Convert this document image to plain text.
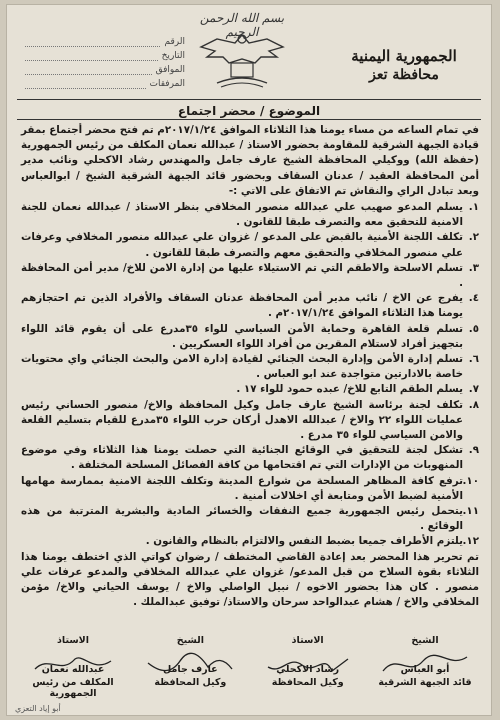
الجمهورية اليمنية
محافظة تعز
بسم الله الرحمن الرحيم
الرقم
التاريخ
الموافق
المرفقات
الموضوع / محضر اجتماع

في تمام الساعه من مساء يومنا هذا الثلاثاء الموافق ٢٠١٧/١/٢٤م تم فتح محضر أجتماع بمقر قيادة الجبهة الشرقية للمقاومة بحضور الاستاذ / عبدالله نعمان المكلف من رئيس الجمهورية (حفظة الله) ووكيلي المحافظة الشيخ عارف جامل والمهندس رشاد الاكحلي ونائب مدير أمن المحافظة العقيد / عدنان السقاف وبحضور قائد الجبهة الشرقية الشيخ / ابوالعباس وبعد تبادل الراي والنقاش تم الاتفاق على الاتي :-

١.
يسلم المدعو صهيب علي عبدالله منصور المخلافي بنظر الاستاذ / عبدالله نعمان للجنة الامنية للتحقيق معه والتصرف طبقا للقانون .
٢.
تكلف اللجنة الأمنية بالقبض على المدعو / غزوان علي عبدالله منصور المخلافي وعرفات علي منصور المخلافي والتحقيق معهم والتصرف طبقا للقانون .
٣.
تسلم الاسلحة والاطقم التي تم الاستيلاء عليها من إدارة الامن للاخ/ مدير أمن المحافظة .
٤.
يفرج عن الاخ / نائب مدير أمن المحافظة عدنان السقاف والأفراد الذين تم احتجازهم يومنا هذا الثلاثاء الموافق ٢٠١٧/١/٢٤م .
٥.
تسلم قلعة القاهرة وحماية الأمن السياسي للواء ٣٥مدرع على أن يقوم قائد اللواء بتجهيز أفراد لاستلام المقرين من أفراد اللواء العسكريين .
٦.
تسلم إدارة الأمن وإدارة البحث الجنائي لقيادة إدارة الامن والبحث الجنائي واي محتويات خاصة بالادارتين متواجدة عند ابو العباس .
٧.
يسلم الطقم التابع للاخ/ عبده حمود للواء ١٧ .
٨.
تكلف لجنة برئاسة الشيخ عارف جامل وكيل المحافظة والاخ/ منصور الحساني رئيس عمليات اللواء ٢٢ والاخ / عبدالله الاهدل أركان حرب اللواء ٣٥مدرع للقيام بتسليم القلعة والامن السياسي للواء ٣٥ مدرع .
٩.
تشكل لجنة للتحقيق في الوقائع الجنائية التي حصلت يومنا هذا الثلاثاء وفي موضوع المنهوبات من الإدارات التي تم اقتحامها من كافة الفصائل المسلحة المختلفة .
١٠.
ترفع كافة المظاهر المسلحة من شوارع المدينة وتكلف اللجنة الامنية بممارسة مهامها الأمنية لضبط الأمن ومتابعة أي اخلالات أمنية .
١١.
يتحمل رئيس الجمهورية جميع النفقات والخسائر المادية والبشرية المترتبة من هذه الوقائع .
١٢.
يلتزم الأطراف جميعا بضبط النفس والالتزام بالنظام والقانون .

تم تحرير هذا المحضر بعد إعادة القاضي المختطف / رضوان كواتي الذي اختطف يومنا هذا الثلاثاء بقوة السلاح من قبل المدعو/ غزوان علي عبدالله المخلافي والمدعو عرفات علي منصور . كان هذا بحضور الاخوه / نبيل الواصلي والاخ / يوسف الحياني والاخ/ مؤمن المخلافي والاخ / هشام عبدالواحد سرحان والاستاذ/ توفيق عبدالملك .

الشيخ
أبو العباس
قائد الجبهة الشرقية
الاستاذ
رشاد الاكحلي
وكيل المحافظة
الشيخ
عارف جامل
وكيل المحافظة
الاستاذ
عبدالله نعمان
المكلف من رئيس الجمهورية
أبو إياد التعزي
